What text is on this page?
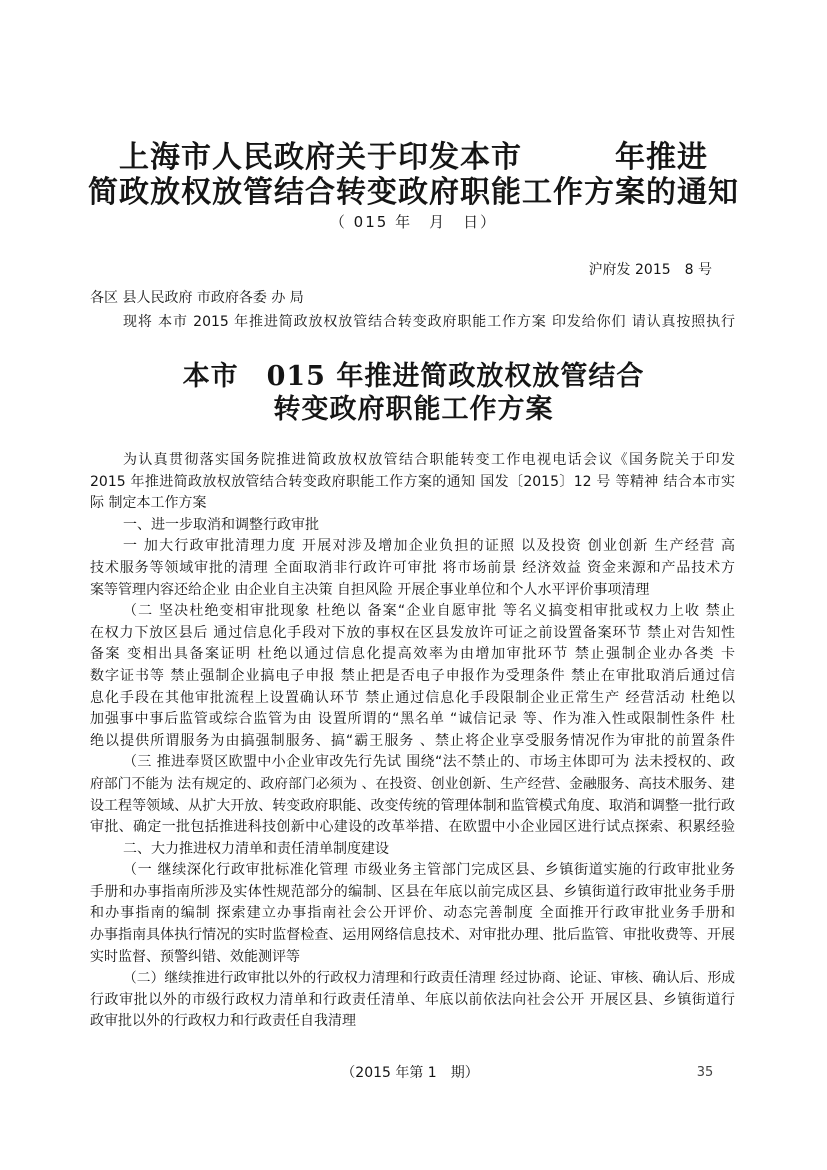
上海市人民政府关于印发本市　　　年推进
简政放权放管结合转变政府职能工作方案的通知
（ 015 年　月　日）
沪府发 2015　8 号
各区 县人民政府 市政府各委 办 局
现将 本市 2015 年推进简政放权放管结合转变政府职能工作方案 印发给你们 请认真按照执行
本市　015 年推进简政放权放管结合
转变政府职能工作方案
为认真贯彻落实国务院推进简政放权放管结合职能转变工作电视电话会议《国务院关于印发
2015 年推进简政放权放管结合转变政府职能工作方案的通知 国发〔2015〕12 号 等精神 结合本市实
际 制定本工作方案
一、进一步取消和调整行政审批
一 加大行政审批清理力度 开展对涉及增加企业负担的证照 以及投资 创业创新 生产经营 高
技术服务等领域审批的清理 全面取消非行政许可审批 将市场前景 经济效益 资金来源和产品技术方
案等管理内容还给企业 由企业自主决策 自担风险 开展企事业单位和个人水平评价事项清理
（二 坚决杜绝变相审批现象 杜绝以 备案“企业自愿审批 等名义搞变相审批或权力上收 禁止
在权力下放区县后 通过信息化手段对下放的事权在区县发放许可证之前设置备案环节 禁止对告知性
备案 变相出具备案证明 杜绝以通过信息化提高效率为由增加审批环节 禁止强制企业办各类 卡
数字证书等 禁止强制企业搞电子申报 禁止把是否电子申报作为受理条件 禁止在审批取消后通过信
息化手段在其他审批流程上设置确认环节 禁止通过信息化手段限制企业正常生产 经营活动 杜绝以
加强事中事后监管或综合监管为由 设置所谓的“黑名单 “诚信记录 等、作为准入性或限制性条件 杜
绝以提供所谓服务为由搞强制服务、搞“霸王服务 、禁止将企业享受服务情况作为审批的前置条件
（三 推进奉贤区欧盟中小企业审改先行先试 围绕“法不禁止的、市场主体即可为 法未授权的、政
府部门不能为 法有规定的、政府部门必须为 、在投资、创业创新、生产经营、金融服务、高技术服务、建
设工程等领域、从扩大开放、转变政府职能、改变传统的管理体制和监管模式角度、取消和调整一批行政
审批、确定一批包括推进科技创新中心建设的改革举措、在欧盟中小企业园区进行试点探索、积累经验
二、大力推进权力清单和责任清单制度建设
（一 继续深化行政审批标准化管理 市级业务主管部门完成区县、乡镇街道实施的行政审批业务
手册和办事指南所涉及实体性规范部分的编制、区县在年底以前完成区县、乡镇街道行政审批业务手册
和办事指南的编制 探索建立办事指南社会公开评价、动态完善制度 全面推开行政审批业务手册和
办事指南具体执行情况的实时监督检查、运用网络信息技术、对审批办理、批后监管、审批收费等、开展
实时监督、预警纠错、效能测评等
（二）继续推进行政审批以外的行政权力清理和行政责任清理 经过协商、论证、审核、确认后、形成
行政审批以外的市级行政权力清单和行政责任清单、年底以前依法向社会公开 开展区县、乡镇街道行
政审批以外的行政权力和行政责任自我清理
（2015 年第 1　期）	35
